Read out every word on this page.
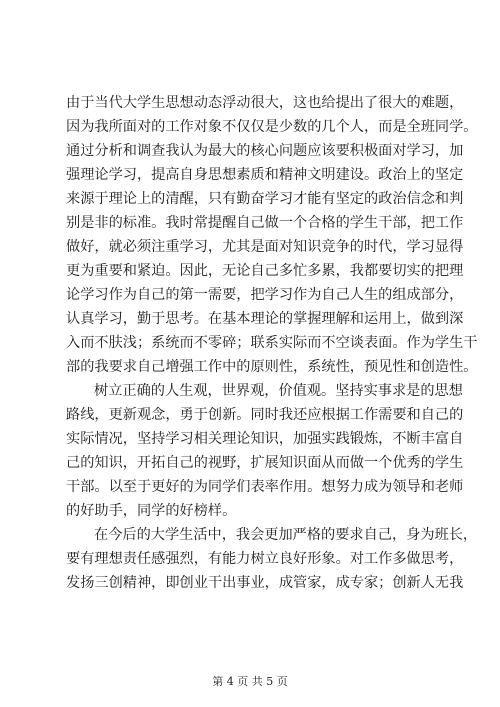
由于当代大学生思想动态浮动很大，这也给提出了很大的难题，
因为我所面对的工作对象不仅仅是少数的几个人，而是全班同学。
通过分析和调查我认为最大的核心问题应该要积极面对学习，加
强理论学习，提高自身思想素质和精神文明建设。政治上的坚定
来源于理论上的清醒，只有勤奋学习才能有坚定的政治信念和判
别是非的标准。我时常提醒自己做一个合格的学生干部，把工作
做好，就必须注重学习，尤其是面对知识竞争的时代，学习显得
更为重要和紧迫。因此，无论自己多忙多累，我都要切实的把理
论学习作为自己的第一需要，把学习作为自己人生的组成部分，
认真学习，勤于思考。在基本理论的掌握理解和运用上，做到深
入而不肤浅；系统而不零碎；联系实际而不空谈表面。作为学生干
部的我要求自己增强工作中的原则性，系统性，预见性和创造性。
树立正确的人生观，世界观，价值观。坚持实事求是的思想
路线，更新观念，勇于创新。同时我还应根据工作需要和自己的
实际情况，坚持学习相关理论知识，加强实践锻炼，不断丰富自
己的知识，开拓自己的视野，扩展知识面从而做一个优秀的学生
干部。以至于更好的为同学们表率作用。想努力成为领导和老师
的好助手，同学的好榜样。
在今后的大学生活中，我会更加严格的要求自己，身为班长，
要有理想责任感强烈，有能力树立良好形象。对工作多做思考，
发扬三创精神，即创业干出事业，成管家，成专家；创新人无我
第 4 页 共 5 页
